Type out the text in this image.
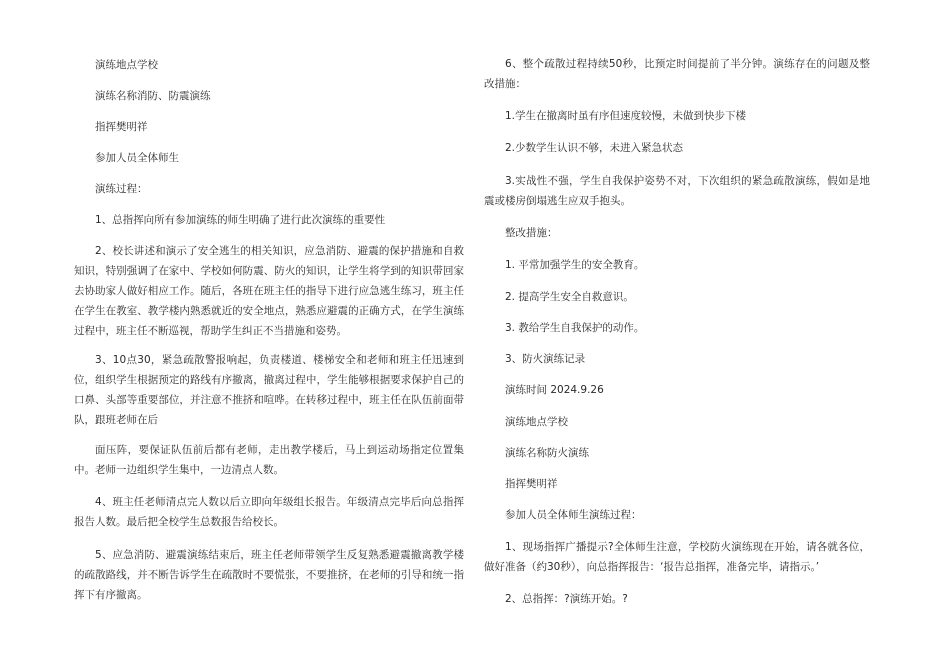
演练地点学校

演练名称消防、防震演练

指挥樊明祥

参加人员全体师生

演练过程：

1、总指挥向所有参加演练的师生明确了进行此次演练的重要性

2、校长讲述和演示了安全逃生的相关知识，应急消防、避震的保护措施和自救知识，特别强调了在家中、学校如何防震、防火的知识，让学生将学到的知识带回家去协助家人做好相应工作。随后，各班在班主任的指导下进行应急逃生练习，班主任在学生在教室、教学楼内熟悉就近的安全地点，熟悉应避震的正确方式，在学生演练过程中，班主任不断巡视，帮助学生纠正不当措施和姿势。

3、10点30，紧急疏散警报响起，负责楼道、楼梯安全和老师和班主任迅速到位，组织学生根据预定的路线有序撤离，撤离过程中，学生能够根据要求保护自己的口鼻、头部等重要部位，并注意不推挤和喧哗。在转移过程中，班主任在队伍前面带队，跟班老师在后

面压阵，要保证队伍前后都有老师，走出教学楼后，马上到运动场指定位置集中。老师一边组织学生集中，一边清点人数。

4、班主任老师清点完人数以后立即向年级组长报告。年级清点完毕后向总指挥报告人数。最后把全校学生总数报告给校长。

5、应急消防、避震演练结束后，班主任老师带领学生反复熟悉避震撤离教学楼的疏散路线，并不断告诉学生在疏散时不要慌张，不要推挤，在老师的引导和统一指挥下有序撤离。

6、整个疏散过程持续50秒，比预定时间提前了半分钟。演练存在的问题及整改措施：

1.学生在撤离时虽有序但速度较慢，未做到快步下楼

2.少数学生认识不够，未进入紧急状态

3.实战性不强，学生自我保护姿势不对，下次组织的紧急疏散演练，假如是地震或楼房倒塌逃生应双手抱头。

整改措施：

1. 平常加强学生的安全教育。

2. 提高学生安全自救意识。

3. 教给学生自我保护的动作。

3、防火演练记录

演练时间 2024.9.26

演练地点学校

演练名称防火演练

指挥樊明祥

参加人员全体师生演练过程：

1、现场指挥广播提示?全体师生注意，学校防火演练现在开始，请各就各位，做好准备（约30秒），向总指挥报告：‘报告总指挥，准备完毕，请指示。’

2、总指挥：?演练开始。?
